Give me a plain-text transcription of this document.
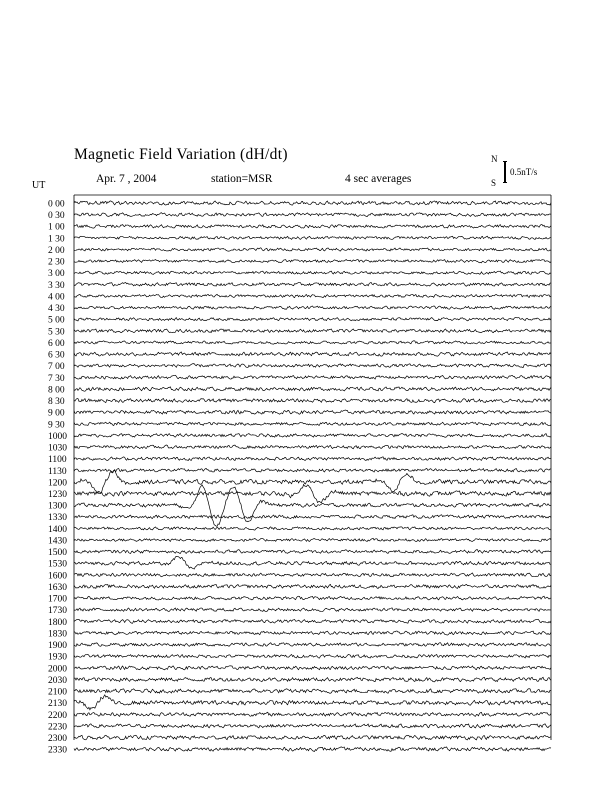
Magnetic Field Variation (dH/dt)
Apr. 7 , 2004	station=MSR	4 sec averages
UT
N
S
0.5nT/s
0 00
0 30
1 00
1 30
2 00
2 30
3 00
3 30
4 00
4 30
5 00
5 30
6 00
6 30
7 00
7 30
8 00
8 30
9 00
9 30
1000
1030
1100
1130
1200
1230
1300
1330
1400
1430
1500
1530
1600
1630
1700
1730
1800
1830
1900
1930
2000
2030
2100
2130
2200
2230
2300
2330
